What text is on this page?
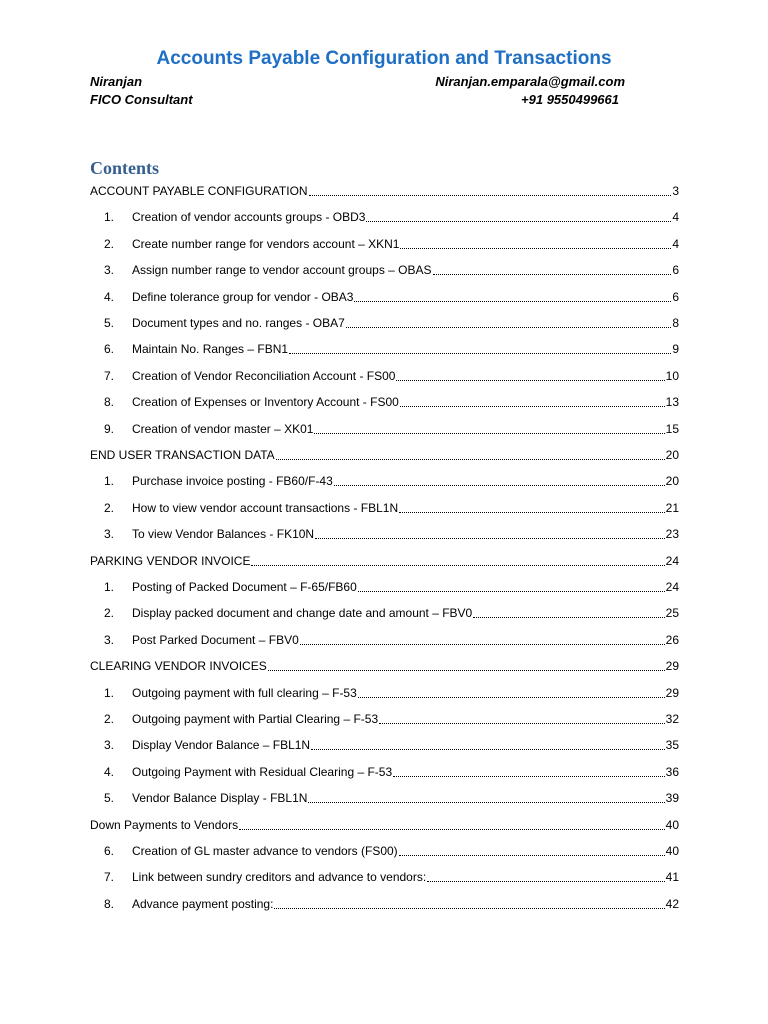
Accounts Payable Configuration and Transactions
Niranjan
FICO Consultant
Niranjan.emparala@gmail.com
+91 9550499661
Contents
ACCOUNT PAYABLE CONFIGURATION	3
1.	Creation of vendor accounts groups - OBD3	4
2.	Create number range for vendors account – XKN1	4
3.	Assign number range to vendor account groups – OBAS	6
4.	Define tolerance group for vendor - OBA3	6
5.	Document types and no. ranges - OBA7	8
6.	Maintain No. Ranges – FBN1	9
7.	Creation of Vendor Reconciliation Account - FS00	10
8.	Creation of Expenses or Inventory Account - FS00	13
9.	Creation of vendor master – XK01	15
END USER TRANSACTION DATA	20
1.	Purchase invoice posting - FB60/F-43	20
2.	How to view vendor account transactions - FBL1N	21
3.	To view Vendor Balances - FK10N	23
PARKING VENDOR INVOICE	24
1.	Posting of Packed Document – F-65/FB60	24
2.	Display packed document and change date and amount – FBV0	25
3.	Post Parked Document – FBV0	26
CLEARING VENDOR INVOICES	29
1.	Outgoing payment with full clearing – F-53	29
2.	Outgoing payment with Partial Clearing – F-53	32
3.	Display Vendor Balance – FBL1N	35
4.	Outgoing Payment with Residual Clearing – F-53	36
5.	Vendor Balance Display - FBL1N	39
Down Payments to Vendors	40
6.	Creation of GL master advance to vendors (FS00)	40
7.	Link between sundry creditors and advance to vendors:	41
8.	Advance payment posting:	42
